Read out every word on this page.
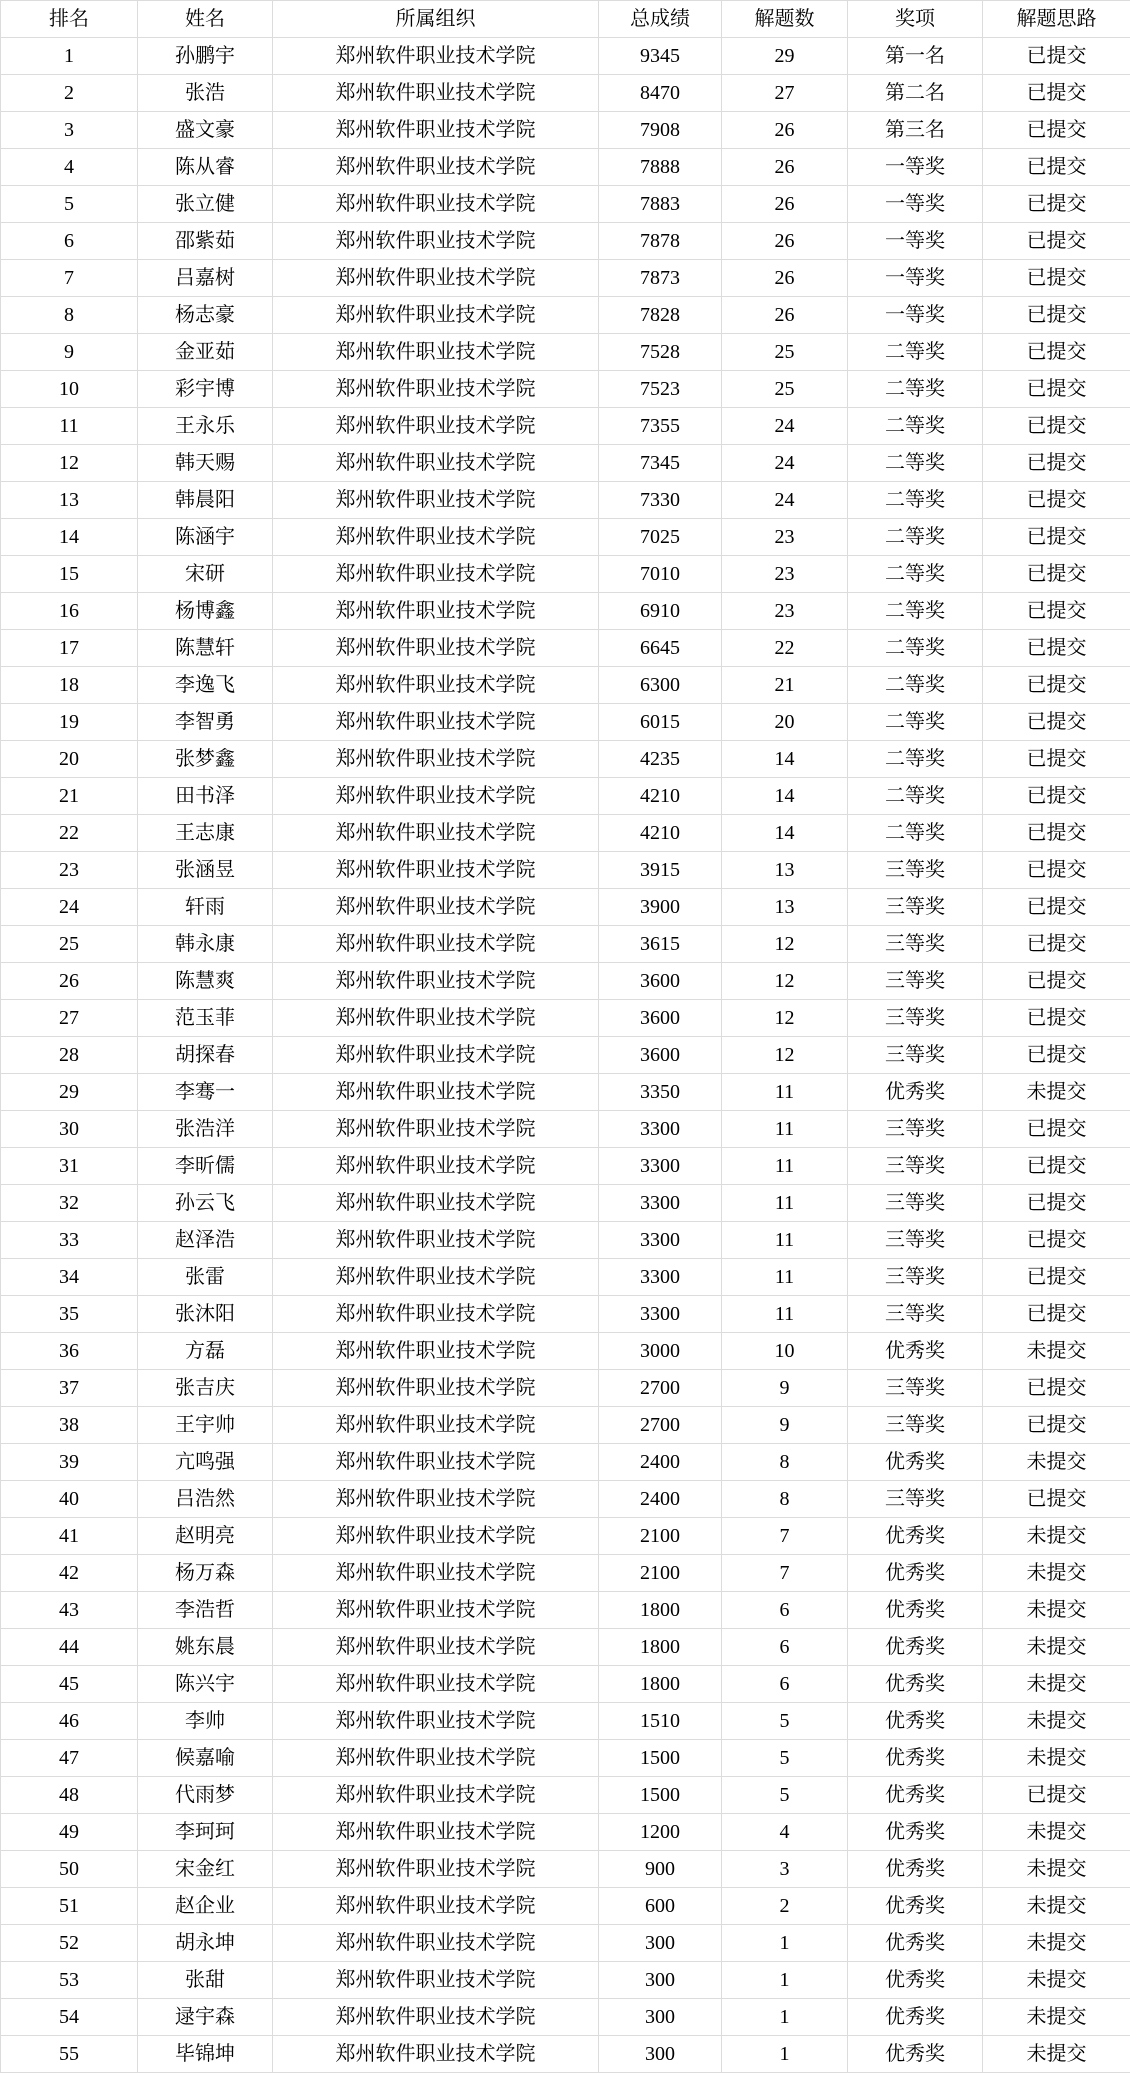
排名	姓名	所属组织	总成绩	解题数	奖项	解题思路
1	孙鹏宇	郑州软件职业技术学院	9345	29	第一名	已提交
2	张浩	郑州软件职业技术学院	8470	27	第二名	已提交
3	盛文豪	郑州软件职业技术学院	7908	26	第三名	已提交
4	陈从睿	郑州软件职业技术学院	7888	26	一等奖	已提交
5	张立健	郑州软件职业技术学院	7883	26	一等奖	已提交
6	邵紫茹	郑州软件职业技术学院	7878	26	一等奖	已提交
7	吕嘉树	郑州软件职业技术学院	7873	26	一等奖	已提交
8	杨志豪	郑州软件职业技术学院	7828	26	一等奖	已提交
9	金亚茹	郑州软件职业技术学院	7528	25	二等奖	已提交
10	彩宇博	郑州软件职业技术学院	7523	25	二等奖	已提交
11	王永乐	郑州软件职业技术学院	7355	24	二等奖	已提交
12	韩天赐	郑州软件职业技术学院	7345	24	二等奖	已提交
13	韩晨阳	郑州软件职业技术学院	7330	24	二等奖	已提交
14	陈涵宇	郑州软件职业技术学院	7025	23	二等奖	已提交
15	宋研	郑州软件职业技术学院	7010	23	二等奖	已提交
16	杨博鑫	郑州软件职业技术学院	6910	23	二等奖	已提交
17	陈慧轩	郑州软件职业技术学院	6645	22	二等奖	已提交
18	李逸飞	郑州软件职业技术学院	6300	21	二等奖	已提交
19	李智勇	郑州软件职业技术学院	6015	20	二等奖	已提交
20	张梦鑫	郑州软件职业技术学院	4235	14	二等奖	已提交
21	田书泽	郑州软件职业技术学院	4210	14	二等奖	已提交
22	王志康	郑州软件职业技术学院	4210	14	二等奖	已提交
23	张涵昱	郑州软件职业技术学院	3915	13	三等奖	已提交
24	轩雨	郑州软件职业技术学院	3900	13	三等奖	已提交
25	韩永康	郑州软件职业技术学院	3615	12	三等奖	已提交
26	陈慧爽	郑州软件职业技术学院	3600	12	三等奖	已提交
27	范玉菲	郑州软件职业技术学院	3600	12	三等奖	已提交
28	胡探春	郑州软件职业技术学院	3600	12	三等奖	已提交
29	李骞一	郑州软件职业技术学院	3350	11	优秀奖	未提交
30	张浩洋	郑州软件职业技术学院	3300	11	三等奖	已提交
31	李昕儒	郑州软件职业技术学院	3300	11	三等奖	已提交
32	孙云飞	郑州软件职业技术学院	3300	11	三等奖	已提交
33	赵泽浩	郑州软件职业技术学院	3300	11	三等奖	已提交
34	张雷	郑州软件职业技术学院	3300	11	三等奖	已提交
35	张沐阳	郑州软件职业技术学院	3300	11	三等奖	已提交
36	方磊	郑州软件职业技术学院	3000	10	优秀奖	未提交
37	张吉庆	郑州软件职业技术学院	2700	9	三等奖	已提交
38	王宇帅	郑州软件职业技术学院	2700	9	三等奖	已提交
39	亢鸣强	郑州软件职业技术学院	2400	8	优秀奖	未提交
40	吕浩然	郑州软件职业技术学院	2400	8	三等奖	已提交
41	赵明亮	郑州软件职业技术学院	2100	7	优秀奖	未提交
42	杨万森	郑州软件职业技术学院	2100	7	优秀奖	未提交
43	李浩哲	郑州软件职业技术学院	1800	6	优秀奖	未提交
44	姚东晨	郑州软件职业技术学院	1800	6	优秀奖	未提交
45	陈兴宇	郑州软件职业技术学院	1800	6	优秀奖	未提交
46	李帅	郑州软件职业技术学院	1510	5	优秀奖	未提交
47	候嘉喻	郑州软件职业技术学院	1500	5	优秀奖	未提交
48	代雨梦	郑州软件职业技术学院	1500	5	优秀奖	已提交
49	李珂珂	郑州软件职业技术学院	1200	4	优秀奖	未提交
50	宋金红	郑州软件职业技术学院	900	3	优秀奖	未提交
51	赵企业	郑州软件职业技术学院	600	2	优秀奖	未提交
52	胡永坤	郑州软件职业技术学院	300	1	优秀奖	未提交
53	张甜	郑州软件职业技术学院	300	1	优秀奖	未提交
54	逯宇森	郑州软件职业技术学院	300	1	优秀奖	未提交
55	毕锦坤	郑州软件职业技术学院	300	1	优秀奖	未提交
